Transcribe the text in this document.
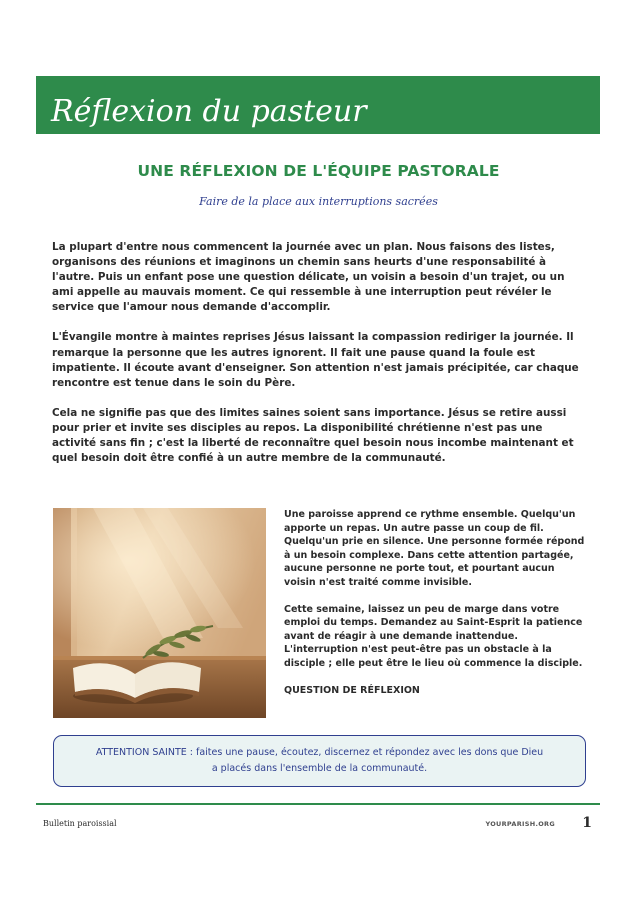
Réflexion du pasteur
UNE RÉFLEXION DE L'ÉQUIPE PASTORALE
Faire de la place aux interruptions sacrées

La plupart d'entre nous commencent la journée avec un plan. Nous faisons des listes, organisons des réunions et imaginons un chemin sans heurts d'une responsabilité à l'autre. Puis un enfant pose une question délicate, un voisin a besoin d'un trajet, ou un ami appelle au mauvais moment. Ce qui ressemble à une interruption peut révéler le service que l'amour nous demande d'accomplir.

L'Évangile montre à maintes reprises Jésus laissant la compassion rediriger la journée. Il remarque la personne que les autres ignorent. Il fait une pause quand la foule est impatiente. Il écoute avant d'enseigner. Son attention n'est jamais précipitée, car chaque rencontre est tenue dans le soin du Père.

Cela ne signifie pas que des limites saines soient sans importance. Jésus se retire aussi pour prier et invite ses disciples au repos. La disponibilité chrétienne n'est pas une activité sans fin ; c'est la liberté de reconnaître quel besoin nous incombe maintenant et quel besoin doit être confié à un autre membre de la communauté.

Une paroisse apprend ce rythme ensemble. Quelqu'un apporte un repas. Un autre passe un coup de fil. Quelqu'un prie en silence. Une personne formée répond à un besoin complexe. Dans cette attention partagée, aucune personne ne porte tout, et pourtant aucun voisin n'est traité comme invisible.

Cette semaine, laissez un peu de marge dans votre emploi du temps. Demandez au Saint-Esprit la patience
avant de réagir à une demande inattendue. L'interruption n'est peut-être pas un obstacle à la disciple ; elle peut être le lieu où commence la disciple.

QUESTION DE RÉFLEXION

ATTENTION SAINTE : faites une pause, écoutez, discernez et répondez avec les dons que Dieu a placés dans l'ensemble de la communauté.
Bulletin paroissial	YOURPARISH.ORG 1
